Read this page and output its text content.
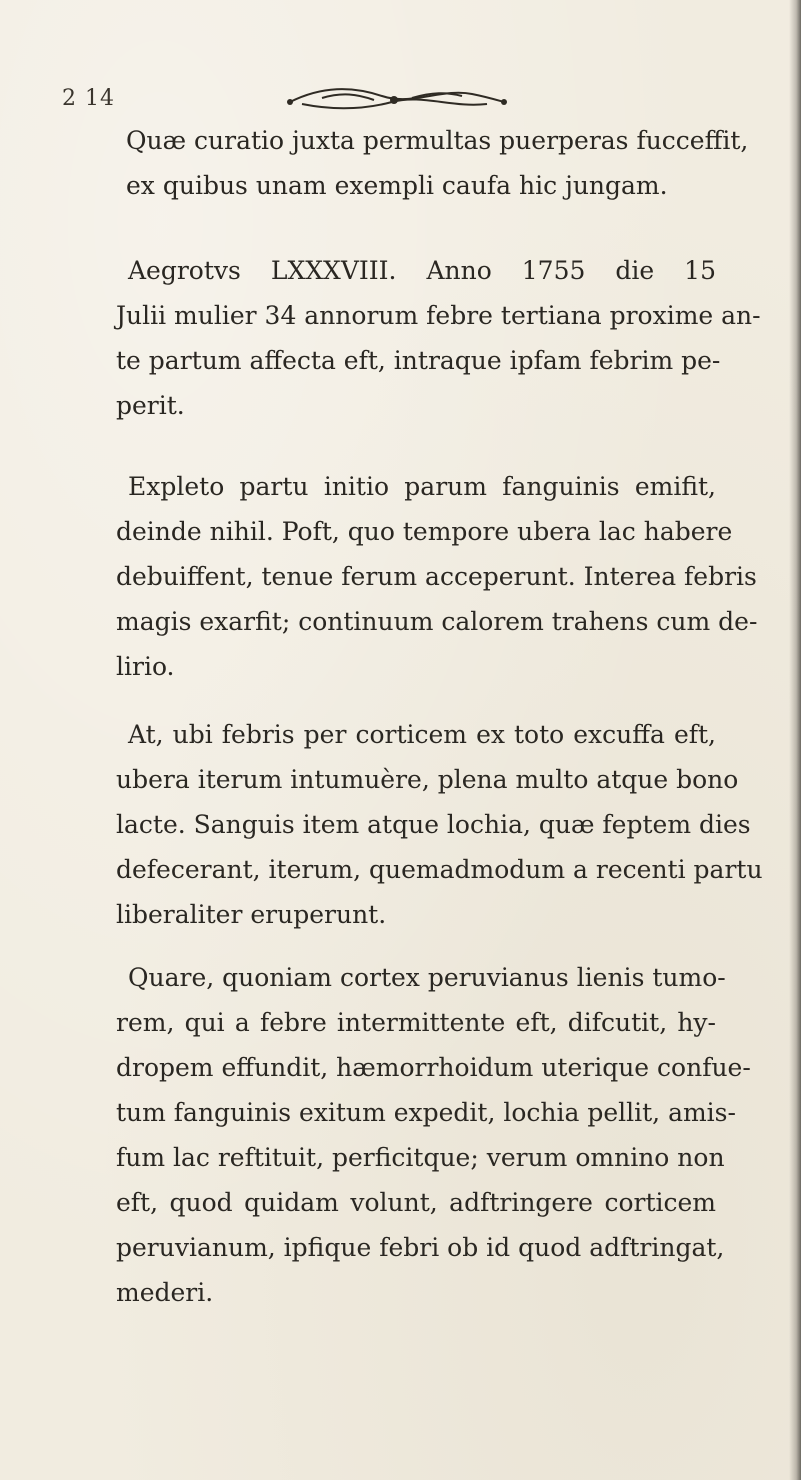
2 14
Quæ curatio juxta permultas puerperas fucceffit,
ex quibus unam exempli caufa hic jungam.
Aegrotvs LXXXVIII. Anno 1755 die 15
Julii mulier 34 annorum febre tertiana proxime an-
te partum affecta eft, intraque ipfam febrim pe-
perit.
Expleto partu initio parum fanguinis emifit,
deinde nihil. Poft, quo tempore ubera lac habere
debuiffent, tenue ferum acceperunt. Interea febris
magis exarfit; continuum calorem trahens cum de-
lirio.
At, ubi febris per corticem ex toto excuffa eft,
ubera iterum intumuère, plena multo atque bono
lacte. Sanguis item atque lochia, quæ feptem dies
defecerant, iterum, quemadmodum a recenti partu
liberaliter eruperunt.
Quare, quoniam cortex peruvianus lienis tumo-
rem, qui a febre intermittente eft, difcutit, hy-
dropem effundit, hæmorrhoidum uterique confue-
tum fanguinis exitum expedit, lochia pellit, amis-
fum lac reftituit, perficitque; verum omnino non
eft, quod quidam volunt, adftringere corticem
peruvianum, ipfique febri ob id quod adftringat,
mederi.
